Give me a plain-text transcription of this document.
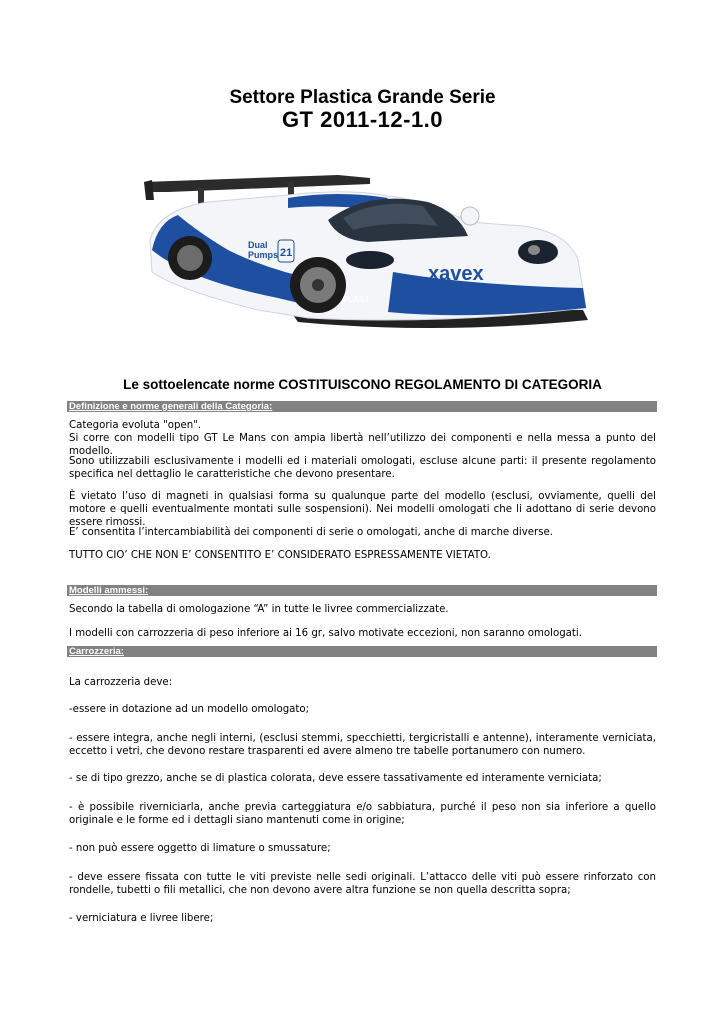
Settore Plastica Grande Serie
GT 2011-12-1.0
xavex
Deutsche Bank
Dual
Pumps 21
PLAST
Le sottoelencate norme COSTITUISCONO REGOLAMENTO DI CATEGORIA
Definizione e norme generali della Categoria:
Categoria evoluta "open".
Si corre con modelli tipo GT Le Mans con ampia libertà nell’utilizzo dei componenti e nella messa a punto del modello.
Sono utilizzabili esclusivamente i modelli ed i materiali omologati, escluse alcune parti: il presente regolamento specifica nel dettaglio le caratteristiche che devono presentare.
È vietato l’uso di magneti in qualsiasi forma su qualunque parte del modello (esclusi, ovviamente, quelli del motore e quelli eventualmente montati sulle sospensioni). Nei modelli omologati che li adottano di serie devono essere rimossi.
E’ consentita l’intercambiabilità dei componenti di serie o omologati, anche di marche diverse.
TUTTO CIO’ CHE NON E’ CONSENTITO E’ CONSIDERATO ESPRESSAMENTE VIETATO.
Modelli ammessi:
Secondo la tabella di omologazione “A” in tutte le livree commercializzate.
I modelli con carrozzeria di peso inferiore ai 16 gr, salvo motivate eccezioni, non saranno omologati.
Carrozzeria:
La carrozzeria deve:
-essere in dotazione ad un modello omologato;
- essere integra, anche negli interni, (esclusi stemmi, specchietti, tergicristalli e antenne), interamente verniciata, eccetto i vetri, che devono restare trasparenti ed avere almeno tre tabelle portanumero con numero.
- se di tipo grezzo, anche se di plastica colorata, deve essere tassativamente ed interamente verniciata;
- è possibile riverniciarla, anche previa carteggiatura e/o sabbiatura, purché il peso non sia inferiore a quello originale e le forme ed i dettagli siano mantenuti come in origine;
- non può essere oggetto di limature o smussature;
- deve essere fissata con tutte le viti previste nelle sedi originali. L’attacco delle viti può essere rinforzato con rondelle, tubetti o fili metallici, che non devono avere altra funzione se non quella descritta sopra;
- verniciatura e livree libere;
